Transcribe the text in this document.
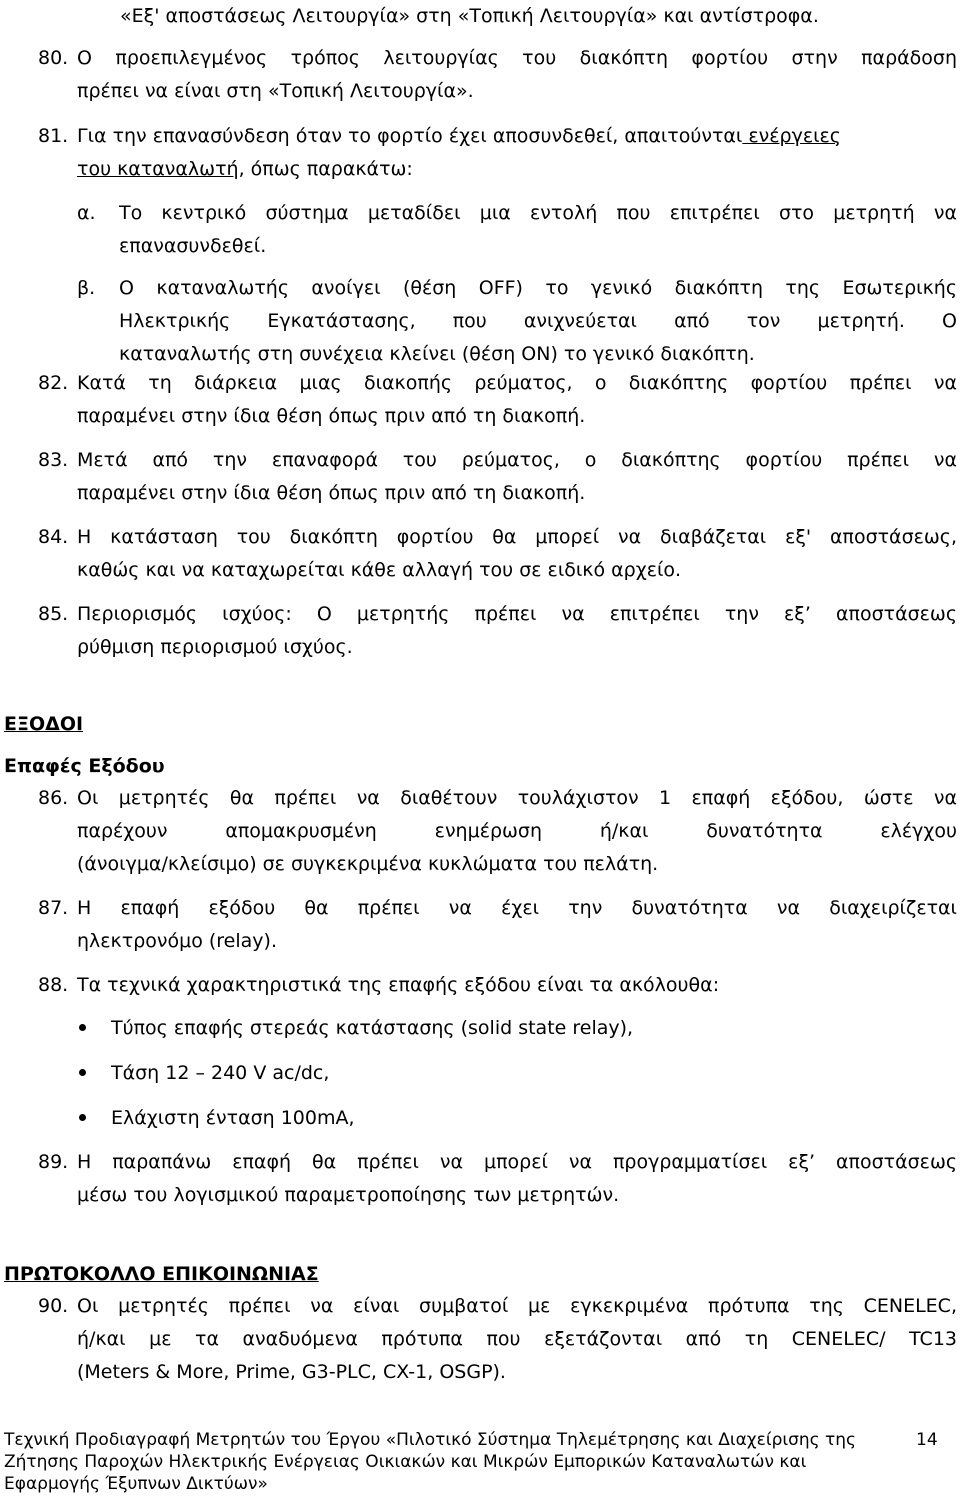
«Εξ' αποστάσεως Λειτουργία» στη «Τοπική Λειτουργία» και αντίστροφα.
80. Ο προεπιλεγμένος τρόπος λειτουργίας του διακόπτη φορτίου στην παράδοση
πρέπει να είναι στη «Τοπική Λειτουργία».
81. Για την επανασύνδεση όταν το φορτίο έχει αποσυνδεθεί, απαιτούνται ενέργειες
του καταναλωτή, όπως παρακάτω:
α. Το κεντρικό σύστημα μεταδίδει μια εντολή που επιτρέπει στο μετρητή να
επανασυνδεθεί.
β. Ο καταναλωτής ανοίγει (θέση OFF) το γενικό διακόπτη της Εσωτερικής
Ηλεκτρικής Εγκατάστασης, που ανιχνεύεται από τον μετρητή. Ο
καταναλωτής στη συνέχεια κλείνει (θέση ON) το γενικό διακόπτη.
82. Κατά τη διάρκεια μιας διακοπής ρεύματος, ο διακόπτης φορτίου πρέπει να
παραμένει στην ίδια θέση όπως πριν από τη διακοπή.
83. Μετά από την επαναφορά του ρεύματος, ο διακόπτης φορτίου πρέπει να
παραμένει στην ίδια θέση όπως πριν από τη διακοπή.
84. Η κατάσταση του διακόπτη φορτίου θα μπορεί να διαβάζεται εξ' αποστάσεως,
καθώς και να καταχωρείται κάθε αλλαγή του σε ειδικό αρχείο.
85. Περιορισμός ισχύος: Ο μετρητής πρέπει να επιτρέπει την εξ’ αποστάσεως
ρύθμιση περιορισμού ισχύος.
ΕΞΟΔΟΙ
Επαφές Εξόδου
86. Οι μετρητές θα πρέπει να διαθέτουν τουλάχιστον 1 επαφή εξόδου, ώστε να
παρέχουν απομακρυσμένη ενημέρωση ή/και δυνατότητα ελέγχου
(άνοιγμα/κλείσιμο) σε συγκεκριμένα κυκλώματα του πελάτη.
87. Η επαφή εξόδου θα πρέπει να έχει την δυνατότητα να διαχειρίζεται
ηλεκτρονόμο (relay).
88. Τα τεχνικά χαρακτηριστικά της επαφής εξόδου είναι τα ακόλουθα:
Τύπος επαφής στερεάς κατάστασης (solid state relay),
Τάση 12 – 240 V ac/dc,
Ελάχιστη ένταση 100mA,
89. Η παραπάνω επαφή θα πρέπει να μπορεί να προγραμματίσει εξ’ αποστάσεως
μέσω του λογισμικού παραμετροποίησης των μετρητών.
ΠΡΩΤΟΚΟΛΛΟ ΕΠΙΚΟΙΝΩΝΙΑΣ
90. Οι μετρητές πρέπει να είναι συμβατοί με εγκεκριμένα πρότυπα της CENELEC,
ή/και με τα αναδυόμενα πρότυπα που εξετάζονται από τη CENELEC/ TC13
(Meters & More, Prime, G3-PLC, CX-1, OSGP).
Τεχνική Προδιαγραφή Μετρητών του Έργου «Πιλοτικό Σύστημα Τηλεμέτρησης και Διαχείρισης της
Ζήτησης Παροχών Ηλεκτρικής Ενέργειας Οικιακών και Μικρών Εμπορικών Καταναλωτών και
Εφαρμογής Έξυπνων Δικτύων»
14
